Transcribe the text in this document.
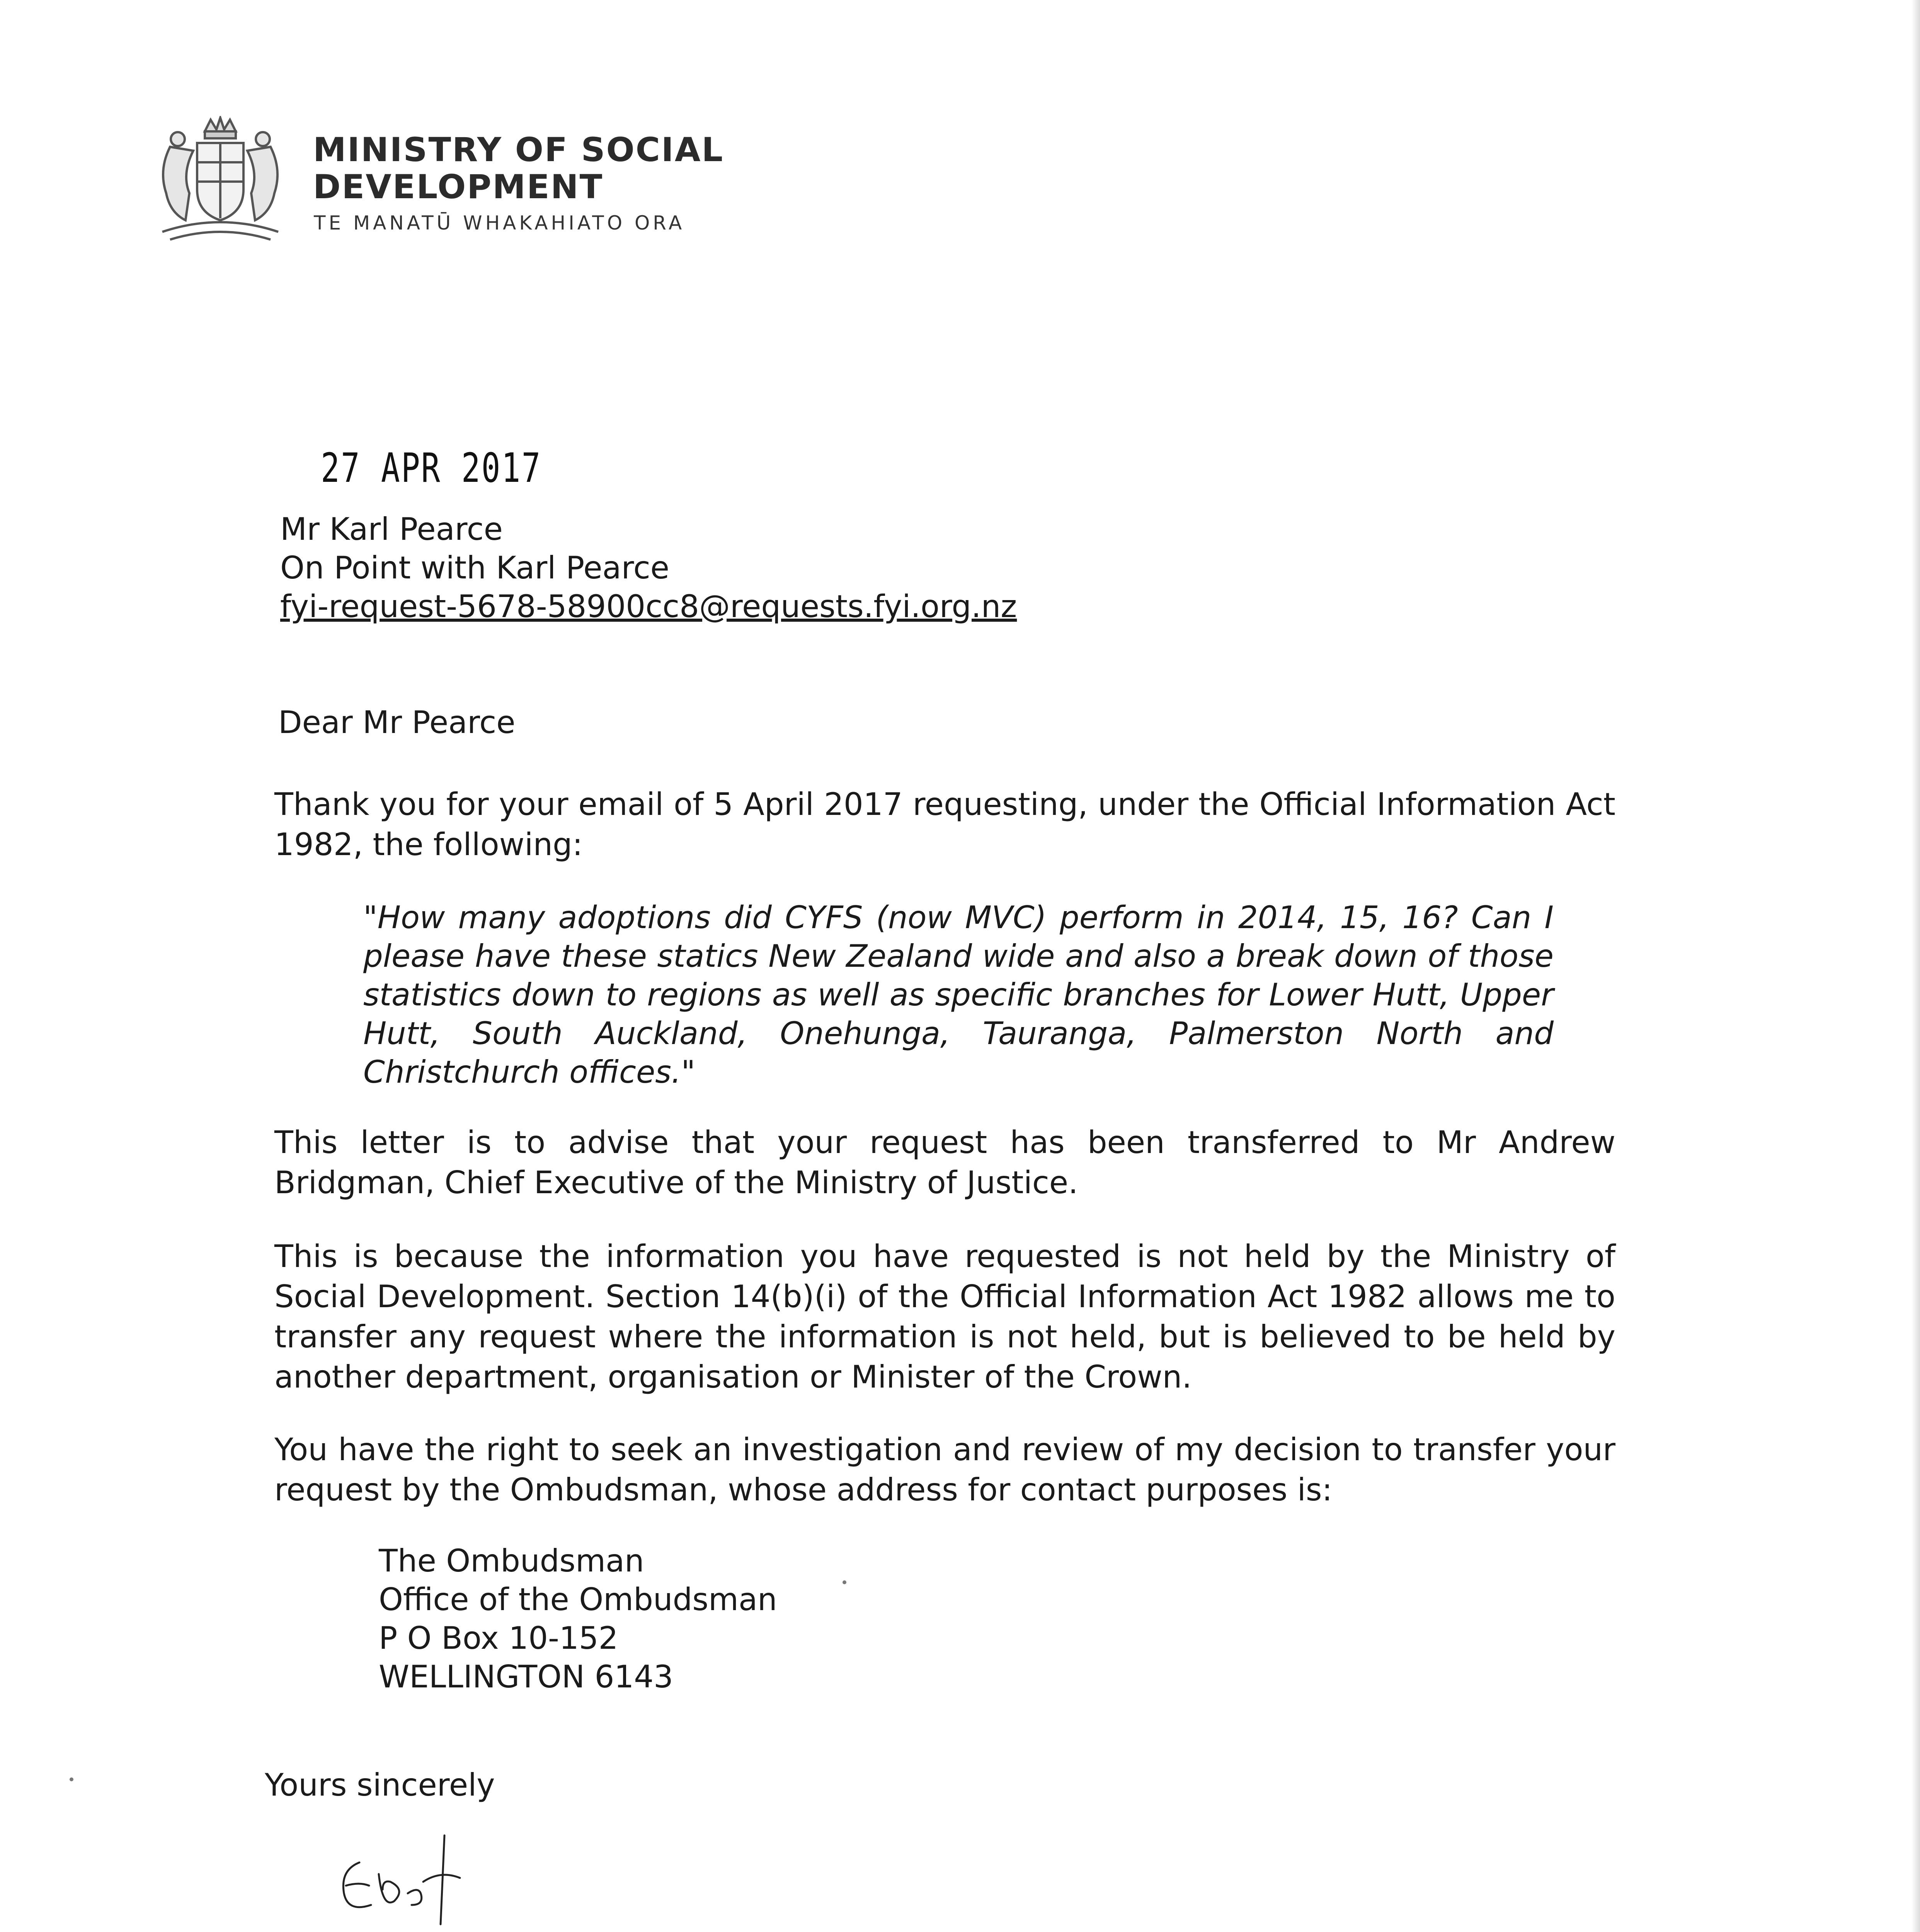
MINISTRY OF SOCIAL
DEVELOPMENT
TE MANATŪ WHAKAHIATO ORA
27 APR 2017
Mr Karl Pearce
On Point with Karl Pearce
fyi-request-5678-58900cc8@requests.fyi.org.nz
Dear Mr Pearce
Thank you for your email of 5 April 2017 requesting, under the Official Information Act 1982, the following:
"How many adoptions did CYFS (now MVC) perform in 2014, 15, 16? Can I please have these statics New Zealand wide and also a break down of those statistics down to regions as well as specific branches for Lower Hutt, Upper Hutt, South Auckland, Onehunga, Tauranga, Palmerston North and Christchurch offices."
This letter is to advise that your request has been transferred to Mr Andrew Bridgman, Chief Executive of the Ministry of Justice.
This is because the information you have requested is not held by the Ministry of Social Development. Section 14(b)(i) of the Official Information Act 1982 allows me to transfer any request where the information is not held, but is believed to be held by another department, organisation or Minister of the Crown.
You have the right to seek an investigation and review of my decision to transfer your request by the Ombudsman, whose address for contact purposes is:
The Ombudsman
Office of the Ombudsman
P O Box 10-152
WELLINGTON 6143
Yours sincerely
